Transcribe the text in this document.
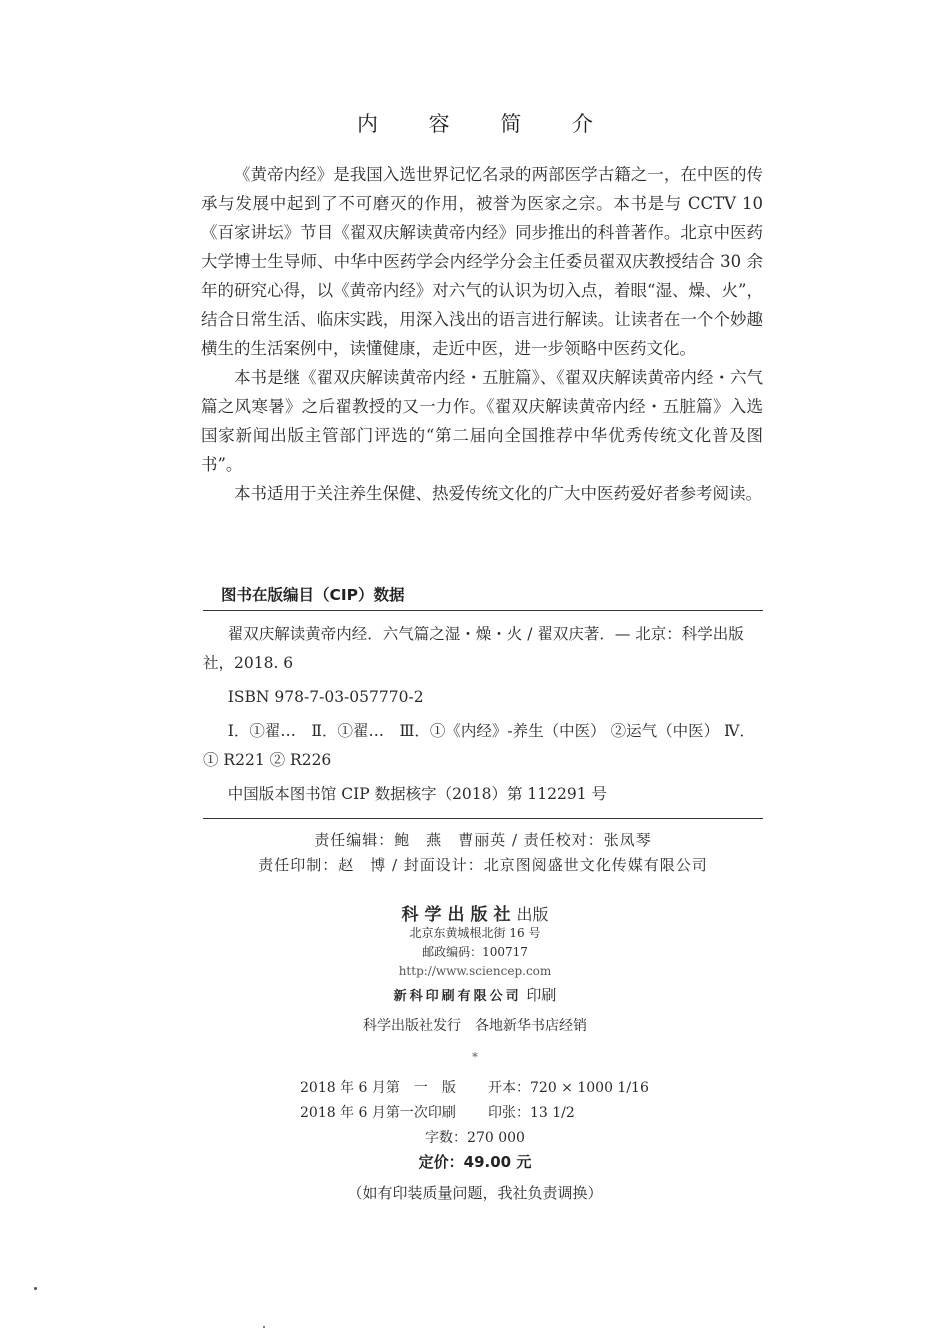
内 容 简 介

《黄帝内经》是我国入选世界记忆名录的两部医学古籍之一，在中医的传承与发展中起到了不可磨灭的作用，被誉为医家之宗。本书是与 CCTV 10《百家讲坛》节目《翟双庆解读黄帝内经》同步推出的科普著作。北京中医药大学博士生导师、中华中医药学会内经学分会主任委员翟双庆教授结合 30 余年的研究心得，以《黄帝内经》对六气的认识为切入点，着眼“湿、燥、火”，结合日常生活、临床实践，用深入浅出的语言进行解读。让读者在一个个妙趣横生的生活案例中，读懂健康，走近中医，进一步领略中医药文化。

本书是继《翟双庆解读黄帝内经・五脏篇》、《翟双庆解读黄帝内经・六气篇之风寒暑》之后翟教授的又一力作。《翟双庆解读黄帝内经・五脏篇》入选国家新闻出版主管部门评选的“第二届向全国推荐中华优秀传统文化普及图书”。

本书适用于关注养生保健、热爱传统文化的广大中医药爱好者参考阅读。

图书在版编目（CIP）数据

翟双庆解读黄帝内经．六气篇之湿・燥・火 / 翟双庆著．— 北京：科学出版社，2018. 6

ISBN 978-7-03-057770-2

Ⅰ．①翟…　Ⅱ．①翟…　Ⅲ．①《内经》-养生（中医） ②运气（中医） Ⅳ．① R221 ② R226

中国版本图书馆 CIP 数据核字（2018）第 112291 号

责任编辑：鲍　燕　曹丽英 / 责任校对：张凤琴
责任印制：赵　博 / 封面设计：北京图阅盛世文化传媒有限公司
科学出版社出版
北京东黄城根北街 16 号
邮政编码：100717
http://www.sciencep.com
新科印刷有限公司 印刷
科学出版社发行　各地新华书店经销
*
2018 年 6 月第　一　版 开本：720 × 1000 1/16
2018 年 6 月第一次印刷 印张：13 1/2
字数：270 000
定价：49.00 元
（如有印装质量问题，我社负责调换）
